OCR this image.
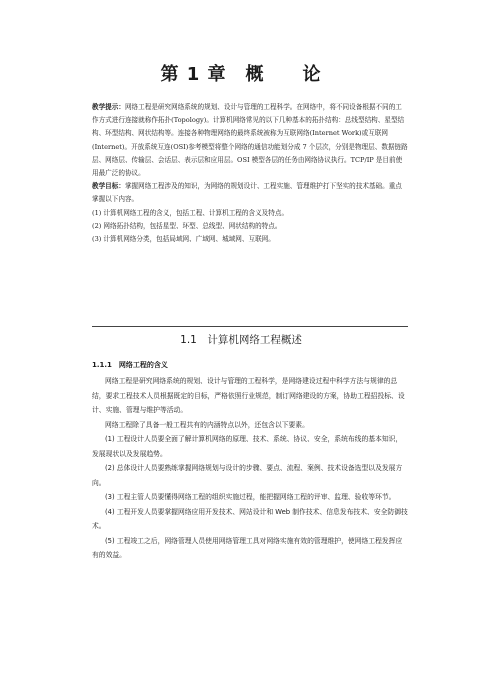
第 1 章　概　　论

教学提示：网络工程是研究网络系统的规划、设计与管理的工程科学。在网络中，将不同设备根据不同的工作方式进行连接就称作拓扑(Topology)。计算机网络常见的以下几种基本的拓扑结构：总线型结构、星型结构、环型结构、网状结构等。连接各种物理网络的最终系统被称为互联网络(Internet Work)或互联网(Internet)。开放系统互连(OSI)参考模型将整个网络的通信功能划分成 7 个层次，分别是物理层、数据链路层、网络层、传输层、会话层、表示层和应用层。OSI 模型各层的任务由网络协议执行。TCP/IP 是目前使用最广泛的协议。

教学目标：掌握网络工程涉及的知识，为网络的规划设计、工程实施、管理维护打下坚实的技术基础。重点掌握以下内容。

(1) 计算机网络工程的含义，包括工程、计算机工程的含义及特点。

(2) 网络拓扑结构，包括星型、环型、总线型、网状结构的特点。

(3) 计算机网络分类，包括局域网、广域网、城域网、互联网。

1.1　计算机网络工程概述
1.1.1　网络工程的含义

网络工程是研究网络系统的规划、设计与管理的工程科学，是网络建设过程中科学方法与规律的总结，要求工程技术人员根据既定的目标，严格依照行业规范，制订网络建设的方案，协助工程招投标、设计、实施、管理与维护等活动。

网络工程除了具备一般工程共有的内涵特点以外，还包含以下要素。

(1) 工程设计人员要全面了解计算机网络的原理、技术、系统、协议、安全，系统布线的基本知识，发展现状以及发展趋势。

(2) 总体设计人员要熟练掌握网络规划与设计的步骤、要点、流程、案例、技术设备选型以及发展方向。

(3) 工程主管人员要懂得网络工程的组织实施过程，能把握网络工程的评审、监理、验收等环节。

(4) 工程开发人员要掌握网络应用开发技术、网站设计和 Web 制作技术、信息发布技术、安全防御技术。

(5) 工程竣工之后，网络管理人员使用网络管理工具对网络实施有效的管理维护，使网络工程发挥应有的效益。
